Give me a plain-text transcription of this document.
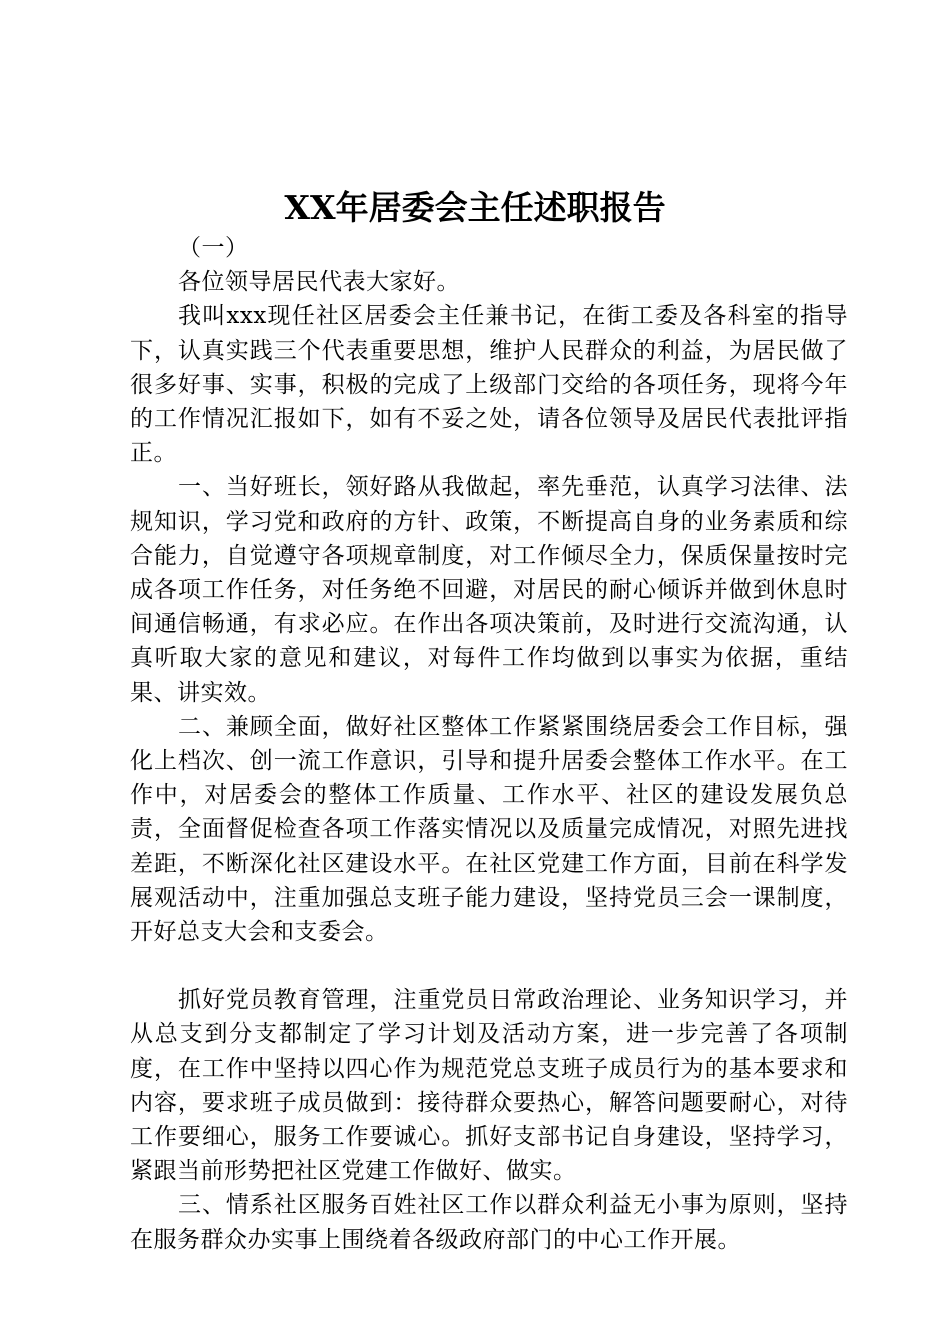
XX年居委会主任述职报告

（一）

各位领导居民代表大家好。

我叫xxx现任社区居委会主任兼书记，在街工委及各科室的指导下，认真实践三个代表重要思想，维护人民群众的利益，为居民做了很多好事、实事，积极的完成了上级部门交给的各项任务，现将今年的工作情况汇报如下，如有不妥之处，请各位领导及居民代表批评指正。

一、当好班长，领好路从我做起，率先垂范，认真学习法律、法规知识，学习党和政府的方针、政策，不断提高自身的业务素质和综合能力，自觉遵守各项规章制度，对工作倾尽全力，保质保量按时完成各项工作任务，对任务绝不回避，对居民的耐心倾诉并做到休息时间通信畅通，有求必应。在作出各项决策前，及时进行交流沟通，认真听取大家的意见和建议，对每件工作均做到以事实为依据，重结果、讲实效。

二、兼顾全面，做好社区整体工作紧紧围绕居委会工作目标，强化上档次、创一流工作意识，引导和提升居委会整体工作水平。在工作中，对居委会的整体工作质量、工作水平、社区的建设发展负总责，全面督促检查各项工作落实情况以及质量完成情况，对照先进找差距，不断深化社区建设水平。在社区党建工作方面，目前在科学发展观活动中，注重加强总支班子能力建设，坚持党员三会一课制度，开好总支大会和支委会。

抓好党员教育管理，注重党员日常政治理论、业务知识学习，并从总支到分支都制定了学习计划及活动方案，进一步完善了各项制度，在工作中坚持以四心作为规范党总支班子成员行为的基本要求和内容，要求班子成员做到：接待群众要热心，解答问题要耐心，对待工作要细心，服务工作要诚心。抓好支部书记自身建设，坚持学习，紧跟当前形势把社区党建工作做好、做实。

三、情系社区服务百姓社区工作以群众利益无小事为原则，坚持在服务群众办实事上围绕着各级政府部门的中心工作开展。
